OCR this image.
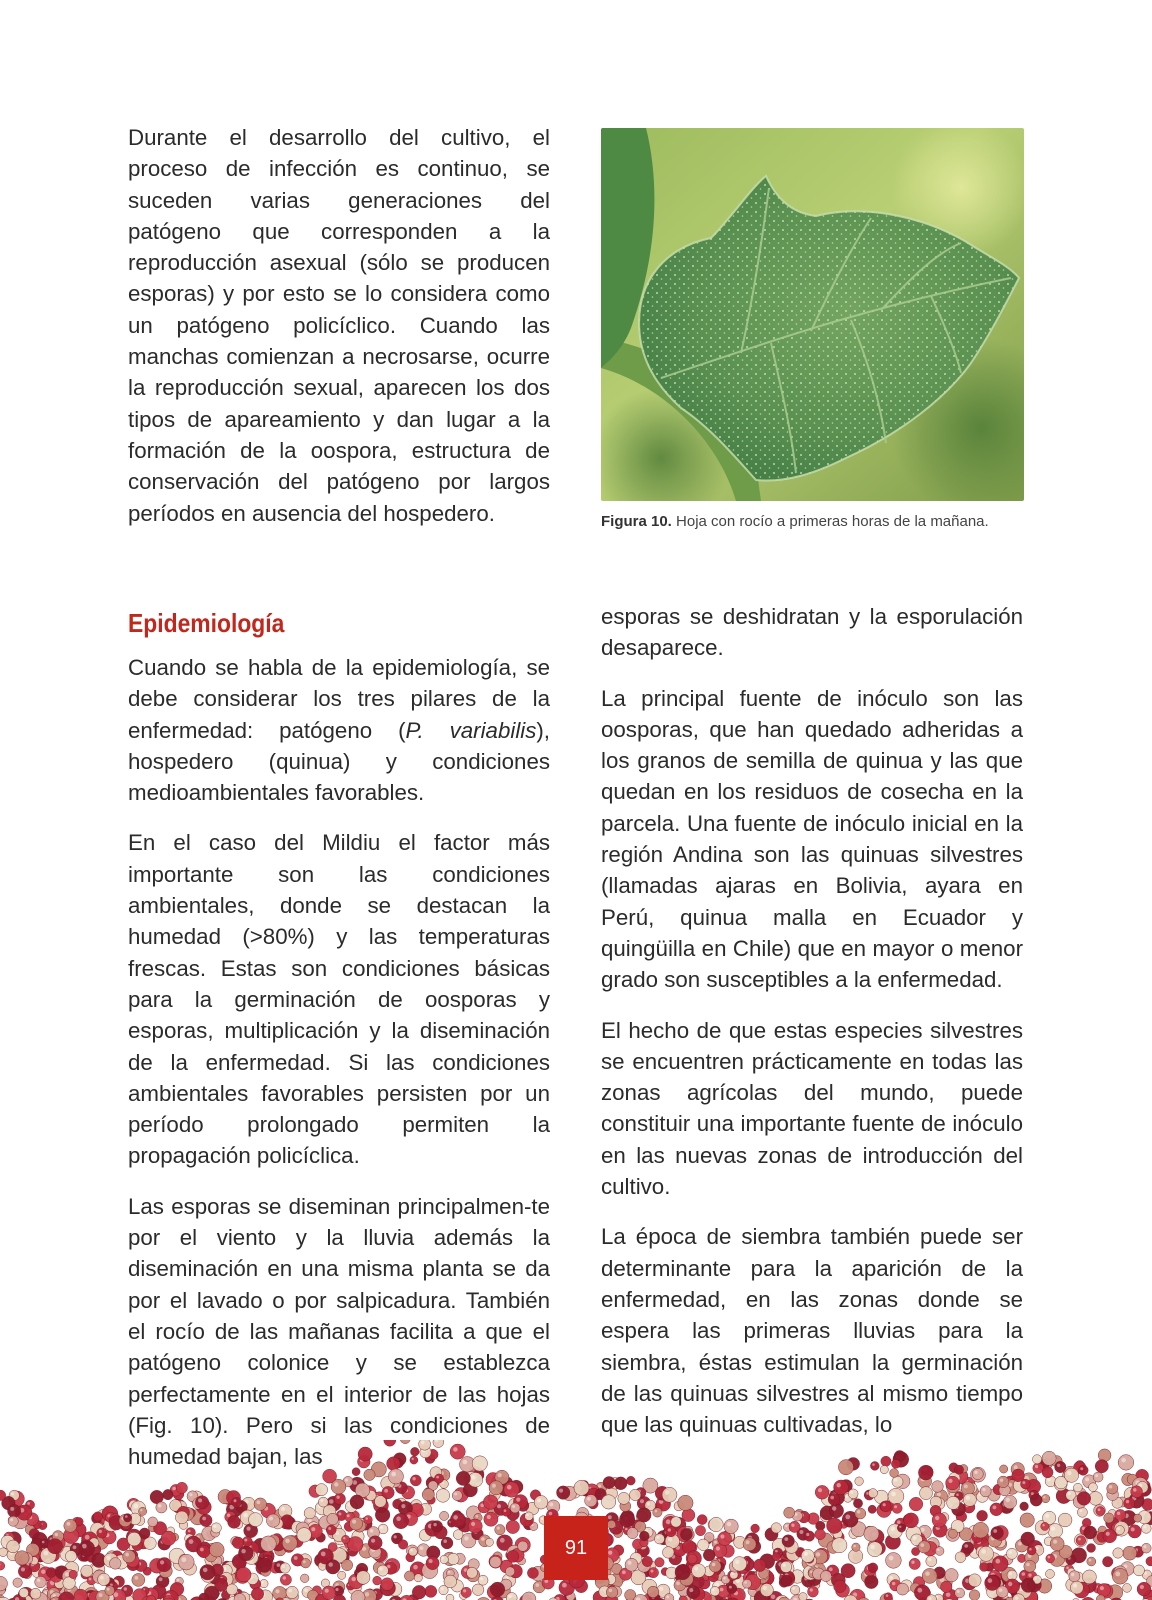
Durante el desarrollo del cultivo, el proceso de infección es continuo, se suceden varias generaciones del patógeno que corresponden a la reproducción asexual (sólo se producen esporas) y por esto se lo considera como un patógeno policíclico. Cuando las manchas comienzan a necrosarse, ocurre la reproducción sexual, aparecen los dos tipos de apareamiento y dan lugar a la formación de la oospora, estructura de conservación del patógeno por largos períodos en ausencia del hospedero.	Figura 10. Hoja con rocío a primeras horas de la mañana.
Epidemiología

Cuando se habla de la epidemiología, se debe considerar los tres pilares de la enfermedad: patógeno (P. variabilis), hospedero (quinua) y condiciones medioambientales favorables.

En el caso del Mildiu el factor más importante son las condiciones ambientales, donde se destacan la humedad (>80%) y las temperaturas frescas. Estas son condiciones básicas para la germinación de oosporas y esporas, multiplicación y la diseminación de la enfermedad. Si las condiciones ambientales favorables persisten por un período prolongado permiten la propagación policíclica.

Las esporas se diseminan principalmen-te por el viento y la lluvia además la diseminación en una misma planta se da por el lavado o por salpicadura. También el rocío de las mañanas facilita a que el patógeno colonice y se establezca perfectamente en el interior de las hojas (Fig. 10). Pero si las condiciones de humedad bajan, las

esporas se deshidratan y la esporulación desaparece.

La principal fuente de inóculo son las oosporas, que han quedado adheridas a los granos de semilla de quinua y las que quedan en los residuos de cosecha en la parcela. Una fuente de inóculo inicial en la región Andina son las quinuas silvestres (llamadas ajaras en Bolivia, ayara en Perú, quinua malla en Ecuador y quingüilla en Chile) que en mayor o menor grado son susceptibles a la enfermedad.

El hecho de que estas especies silvestres se encuentren prácticamente en todas las zonas agrícolas del mundo, puede constituir una importante fuente de inóculo en las nuevas zonas de introducción del cultivo.

La época de siembra también puede ser determinante para la aparición de la enfermedad, en las zonas donde se espera las primeras lluvias para la siembra, éstas estimulan la germinación de las quinuas silvestres al mismo tiempo que las quinuas cultivadas, lo

91
